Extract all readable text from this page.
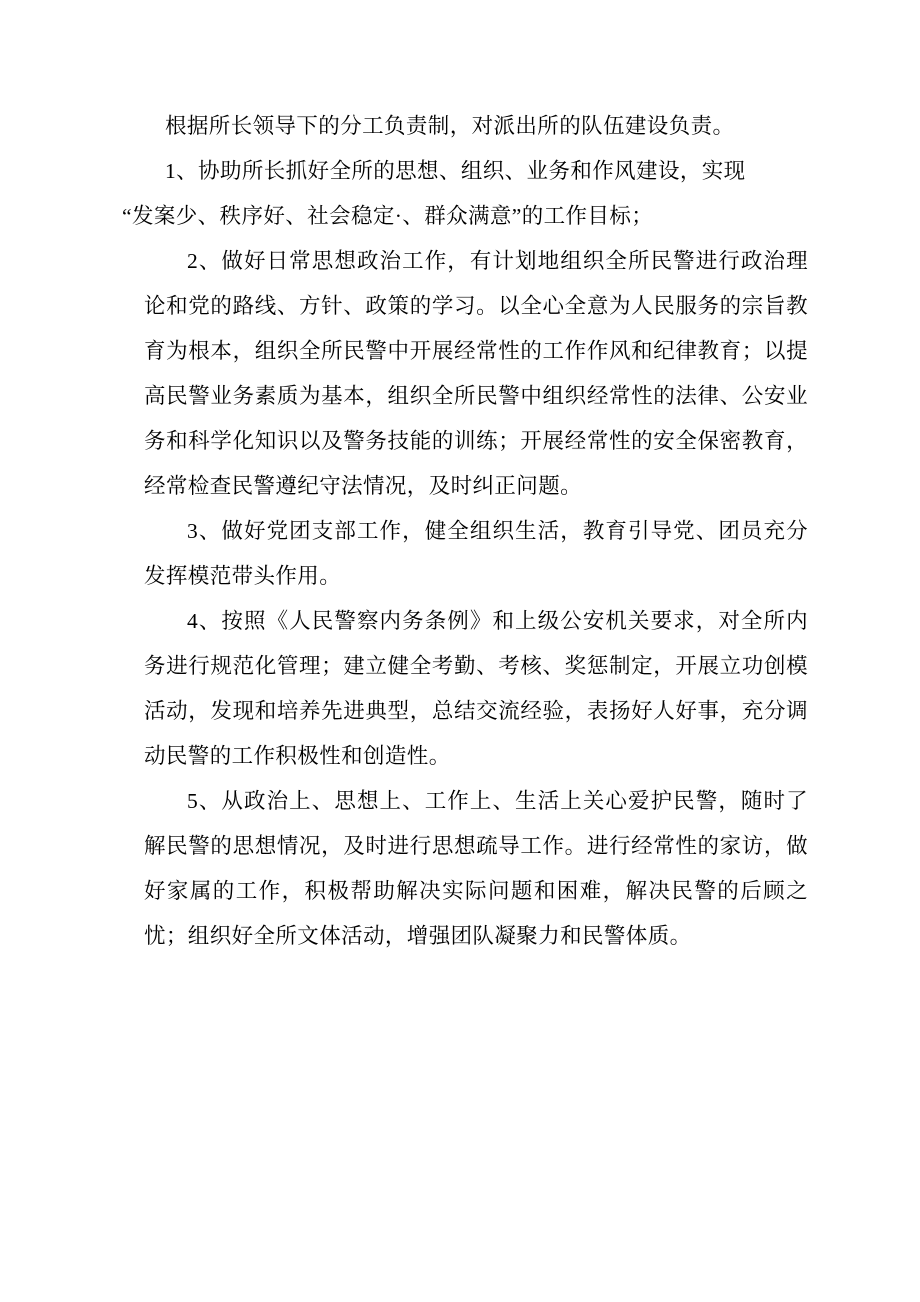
根据所长领导下的分工负责制，对派出所的队伍建设负责。

1、协助所长抓好全所的思想、组织、业务和作风建设，实现

“发案少、秩序好、社会稳定·、群众满意”的工作目标；

2、做好日常思想政治工作，有计划地组织全所民警进行政治理论和党的路线、方针、政策的学习。以全心全意为人民服务的宗旨教育为根本，组织全所民警中开展经常性的工作作风和纪律教育；以提高民警业务素质为基本，组织全所民警中组织经常性的法律、公安业务和科学化知识以及警务技能的训练；开展经常性的安全保密教育，经常检查民警遵纪守法情况，及时纠正问题。

3、做好党团支部工作，健全组织生活，教育引导党、团员充分发挥模范带头作用。

4、按照《人民警察内务条例》和上级公安机关要求，对全所内务进行规范化管理；建立健全考勤、考核、奖惩制定，开展立功创模活动，发现和培养先进典型，总结交流经验，表扬好人好事，充分调动民警的工作积极性和创造性。

5、从政治上、思想上、工作上、生活上关心爱护民警，随时了解民警的思想情况，及时进行思想疏导工作。进行经常性的家访，做好家属的工作，积极帮助解决实际问题和困难，解决民警的后顾之忧；组织好全所文体活动，增强团队凝聚力和民警体质。
